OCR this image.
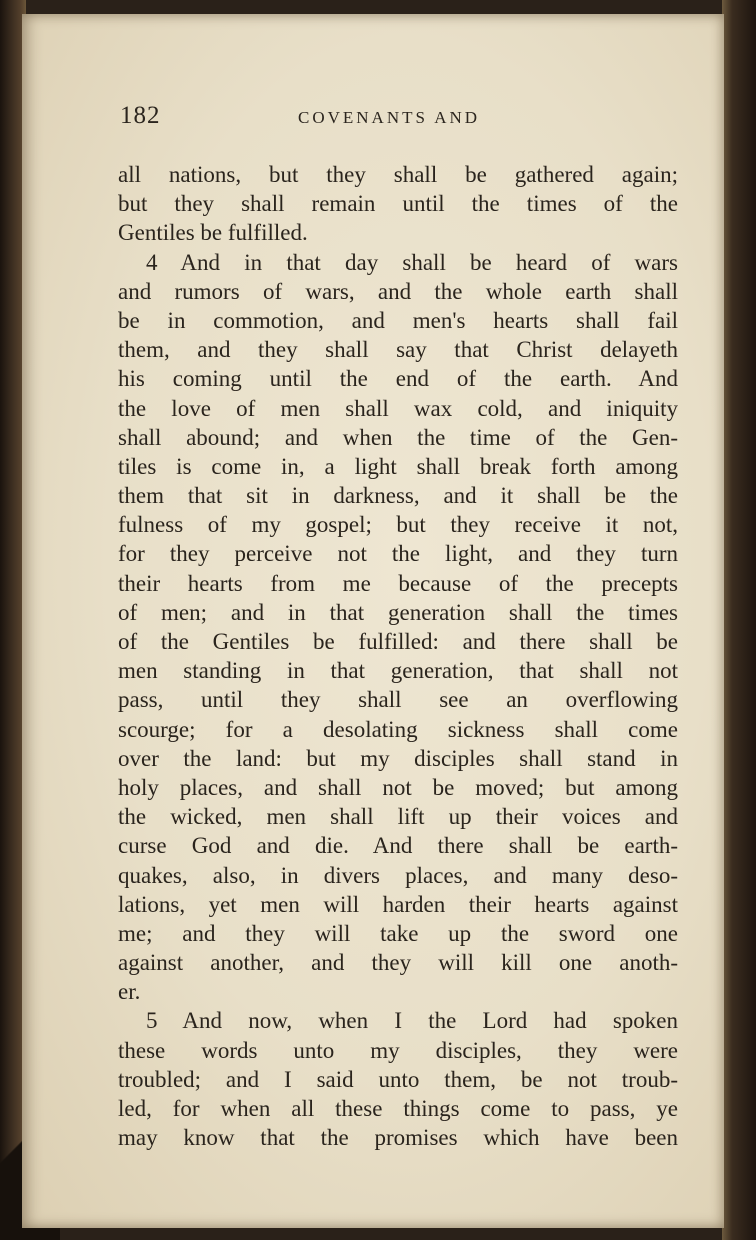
182	COVENANTS AND
all nations, but they shall be gathered again;
but they shall remain until the times of the
Gentiles be fulfilled.
4 And in that day shall be heard of wars
and rumors of wars, and the whole earth shall
be in commotion, and men's hearts shall fail
them, and they shall say that Christ delayeth
his coming until the end of the earth. And
the love of men shall wax cold, and iniquity
shall abound; and when the time of the Gen-
tiles is come in, a light shall break forth among
them that sit in darkness, and it shall be the
fulness of my gospel; but they receive it not,
for they perceive not the light, and they turn
their hearts from me because of the precepts
of men; and in that generation shall the times
of the Gentiles be fulfilled: and there shall be
men standing in that generation, that shall not
pass, until they shall see an overflowing
scourge; for a desolating sickness shall come
over the land: but my disciples shall stand in
holy places, and shall not be moved; but among
the wicked, men shall lift up their voices and
curse God and die. And there shall be earth-
quakes, also, in divers places, and many deso-
lations, yet men will harden their hearts against
me; and they will take up the sword one
against another, and they will kill one anoth-
er.
5 And now, when I the Lord had spoken
these words unto my disciples, they were
troubled; and I said unto them, be not troub-
led, for when all these things come to pass, ye
may know that the promises which have been
